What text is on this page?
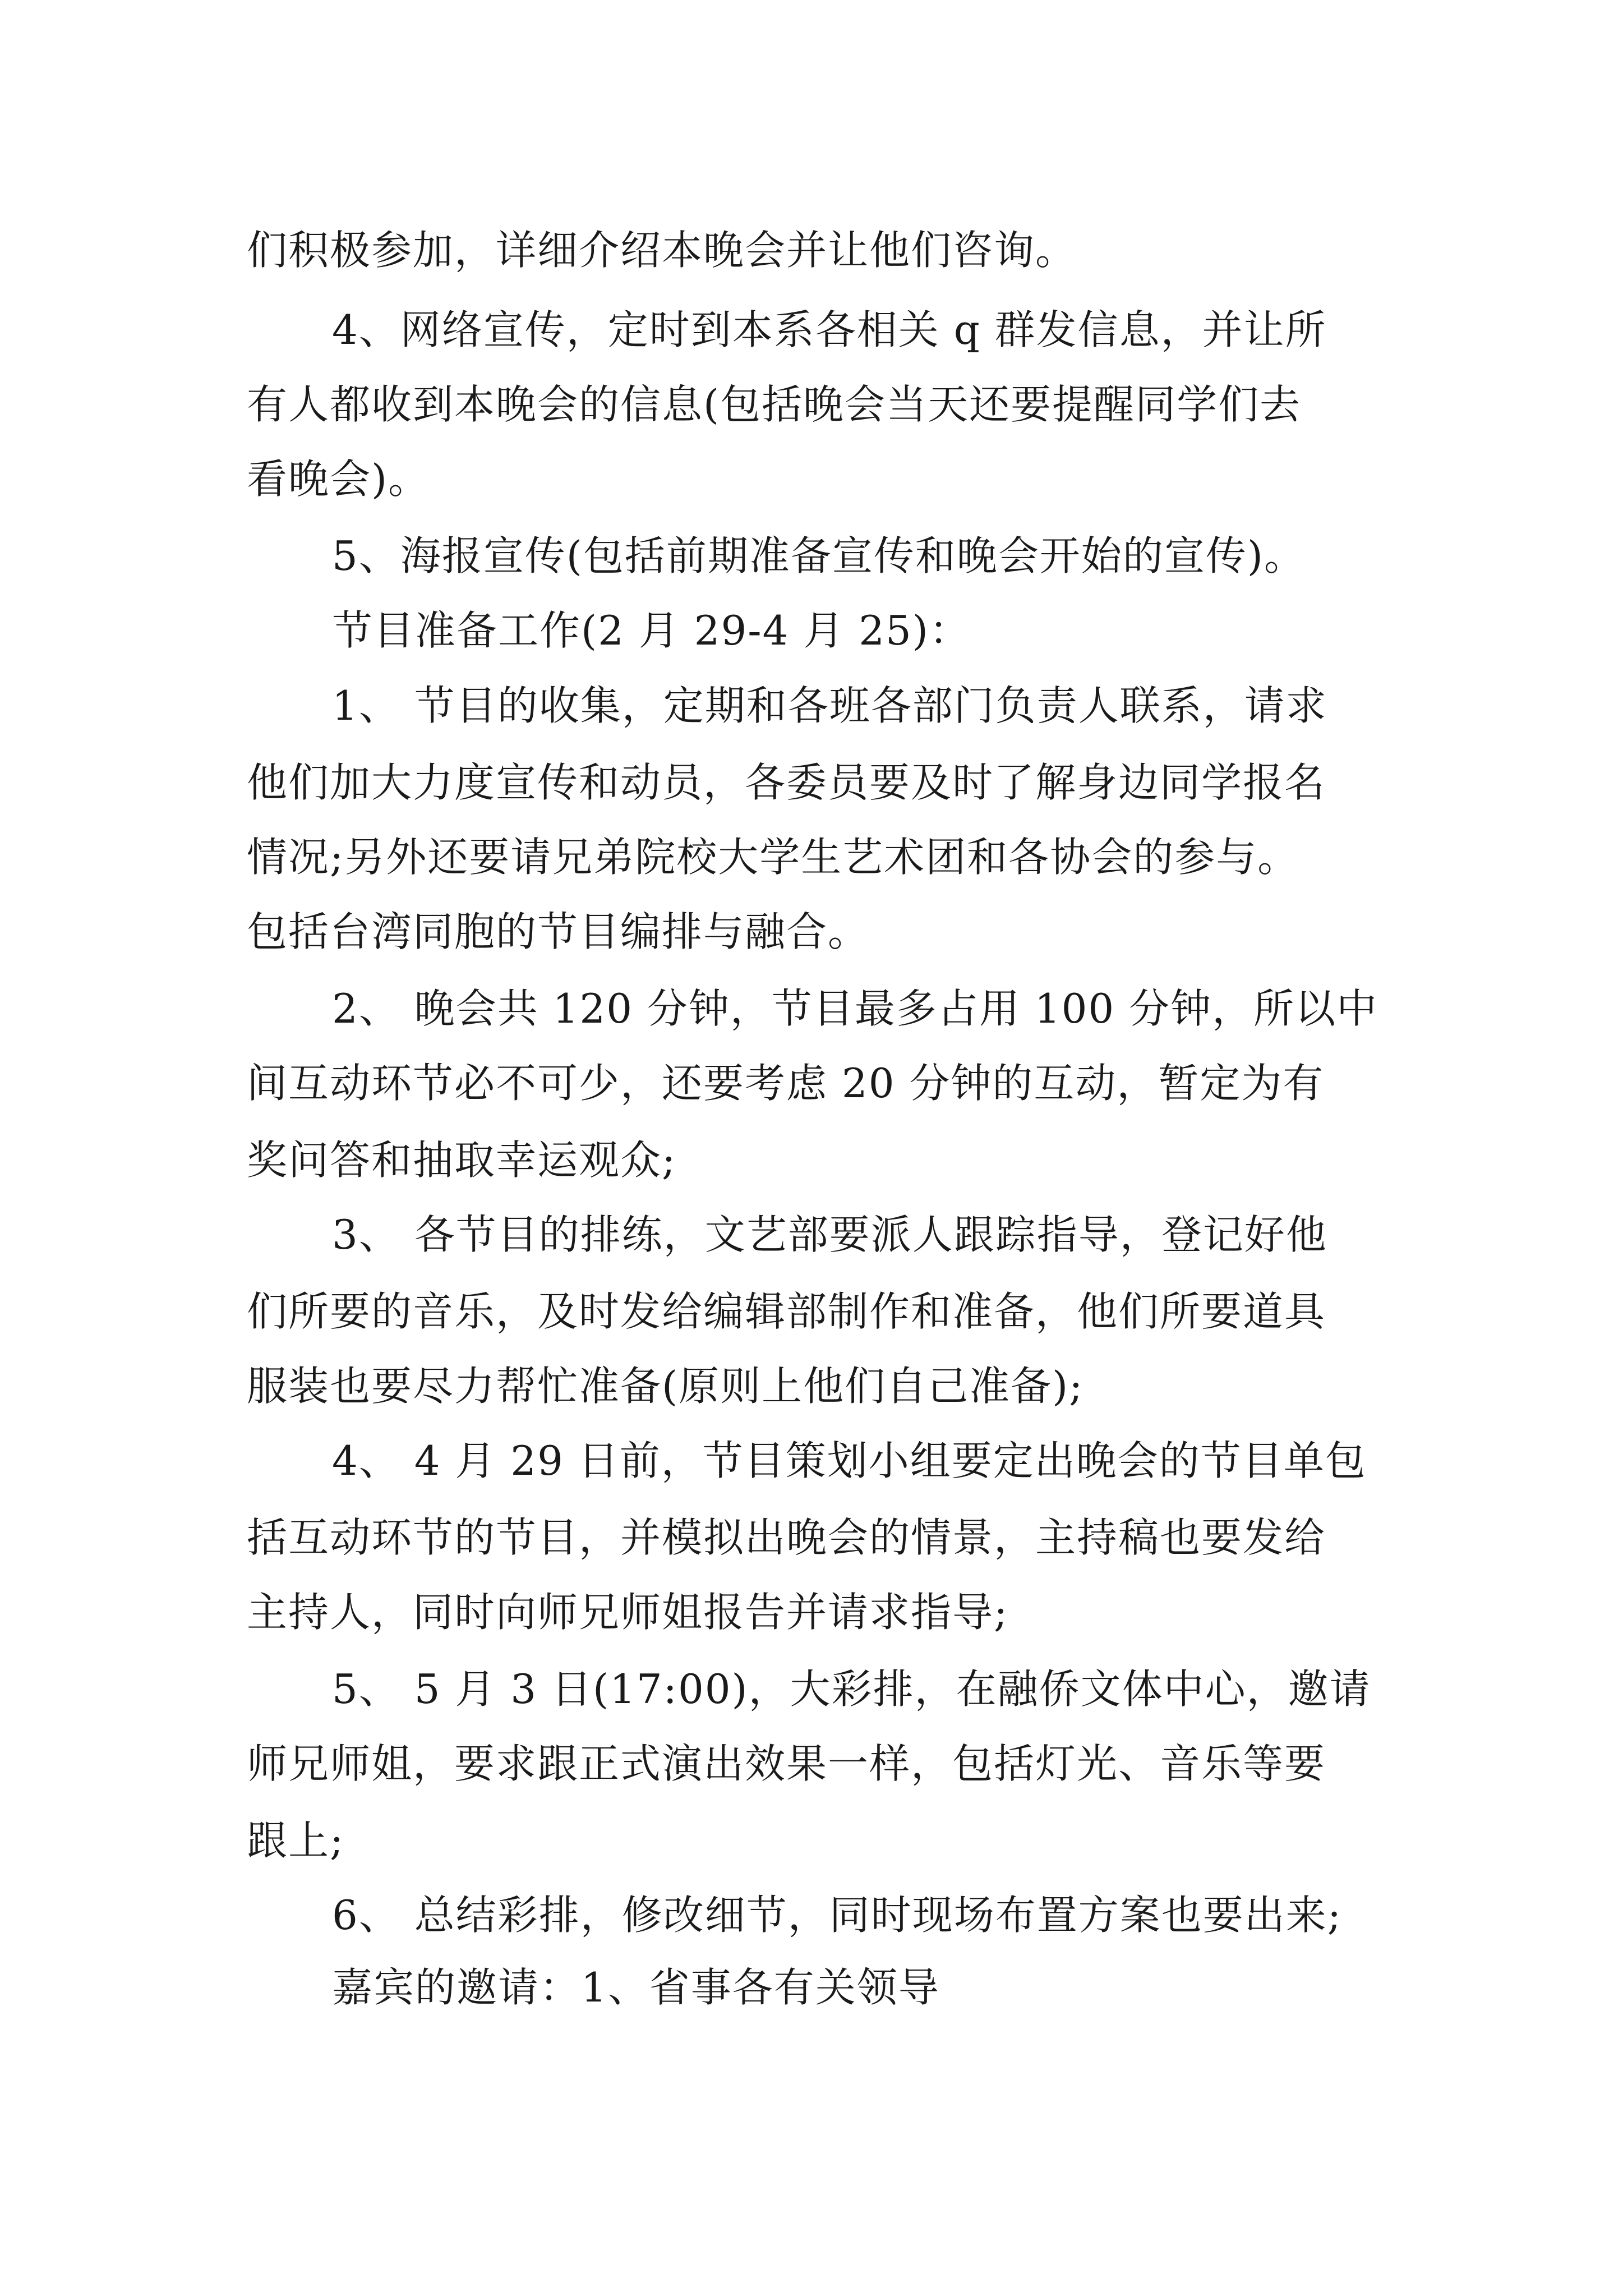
们积极参加，详细介绍本晚会并让他们咨询。
4、网络宣传，定时到本系各相关 q 群发信息，并让所
有人都收到本晚会的信息(包括晚会当天还要提醒同学们去
看晚会)。
5、海报宣传(包括前期准备宣传和晚会开始的宣传)。
节目准备工作(2 月 29-4 月 25)：
1、 节目的收集，定期和各班各部门负责人联系，请求
他们加大力度宣传和动员，各委员要及时了解身边同学报名
情况;另外还要请兄弟院校大学生艺术团和各协会的参与。
包括台湾同胞的节目编排与融合。
2、 晚会共 120 分钟，节目最多占用 100 分钟，所以中
间互动环节必不可少，还要考虑 20 分钟的互动，暂定为有
奖问答和抽取幸运观众;
3、 各节目的排练，文艺部要派人跟踪指导，登记好他
们所要的音乐，及时发给编辑部制作和准备，他们所要道具
服装也要尽力帮忙准备(原则上他们自己准备);
4、 4 月 29 日前，节目策划小组要定出晚会的节目单包
括互动环节的节目，并模拟出晚会的情景，主持稿也要发给
主持人，同时向师兄师姐报告并请求指导;
5、 5 月 3 日(17:00)，大彩排，在融侨文体中心，邀请
师兄师姐，要求跟正式演出效果一样，包括灯光、音乐等要
跟上;
6、 总结彩排，修改细节，同时现场布置方案也要出来;
嘉宾的邀请：1、省事各有关领导
